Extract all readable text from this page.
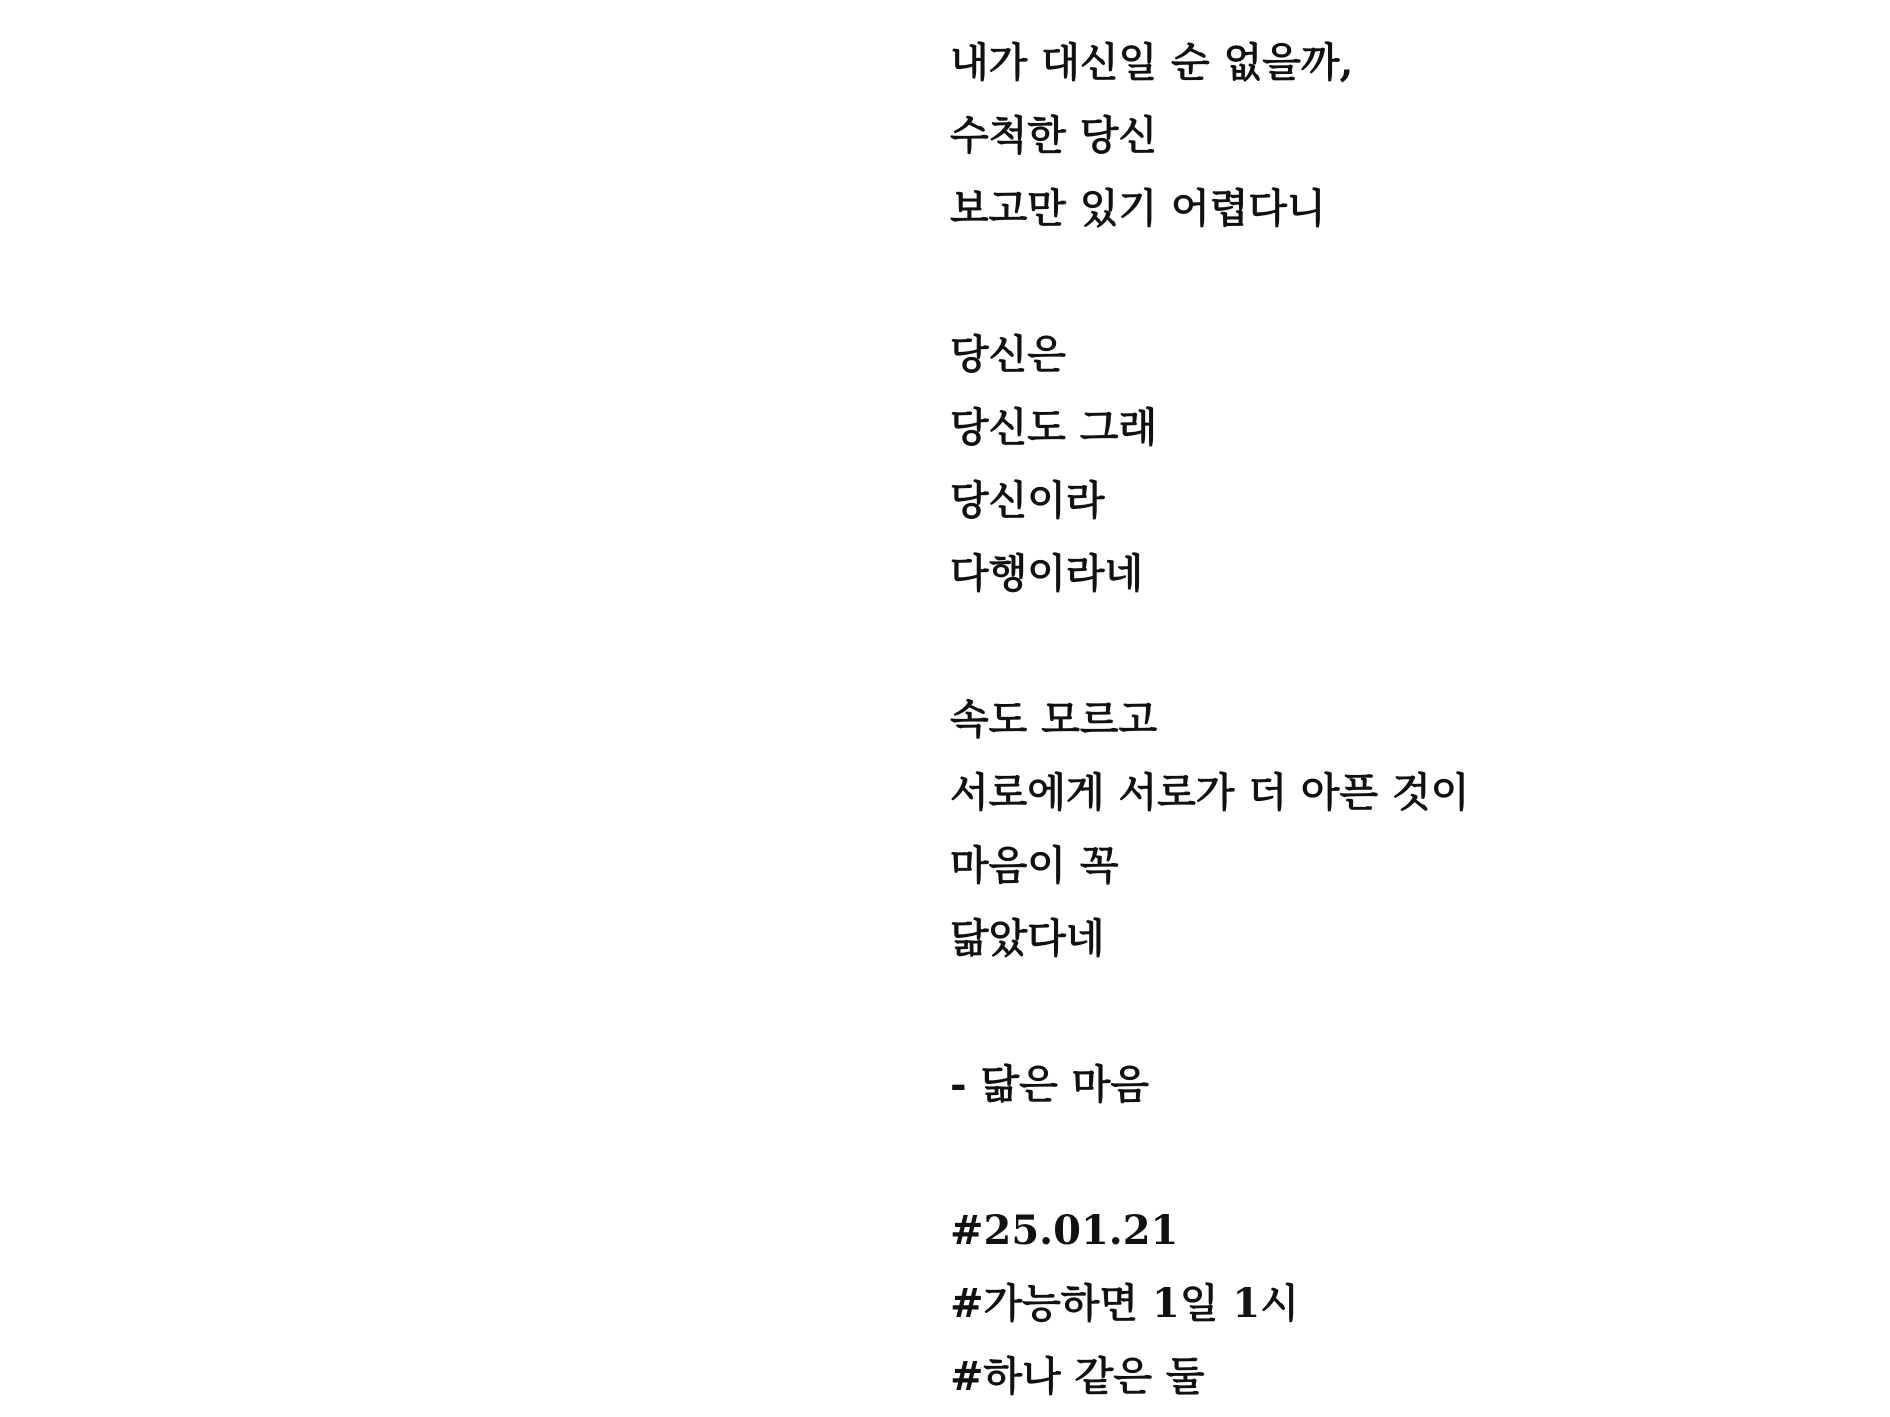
내가 대신일 순 없을까,
수척한 당신
보고만 있기 어렵다니
당신은
당신도 그래
당신이라
다행이라네
속도 모르고
서로에게 서로가 더 아픈 것이
마음이 꼭
닮았다네
- 닮은 마음
#25.01.21
#가능하면 1일 1시
#하나 같은 둘
